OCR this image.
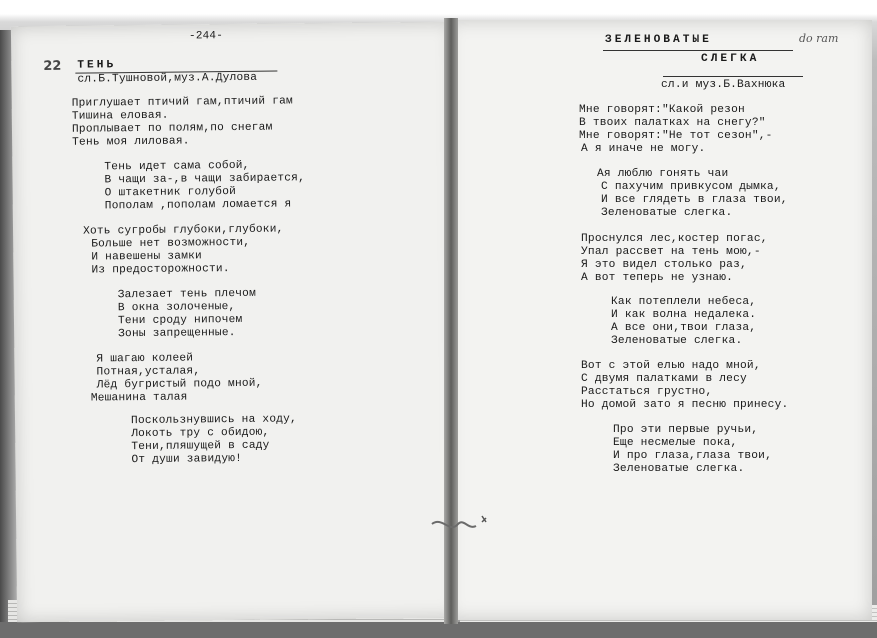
-244-
22 ТЕНЬ
сл.Б.Тушновой,муз.А.Дулова
Приглушает птичий гам,птичий гам
Тишина еловая.
Проплывает по полям,по снегам
Тень моя лиловая.
Тень идет сама собой,
В чащи за-,в чащи забирается,
О штакетник голубой
Пополам ,пополам ломается я
Хоть сугробы глубоки,глубоки,
Больше нет возможности,
И навешены замки
Из предосторожности.
Залезает тень плечом
В окна золоченые,
Тени сроду нипочем
Зоны запрещенные.
Я шагаю колеей
Потная,усталая,
Лёд бугристый подо мной,
Мешанина талая
Поскользнувшись на ходу,
Локоть тру с обидою,
Тени,пляшущей в саду
От души завидую!
ЗЕЛЕНОВАТЫЕ	do ram
СЛЕГКА
сл.и муз.Б.Вахнюка
Мне говорят:"Какой резон
В твоих палатках на снегу?"
Мне говорят:"Не тот сезон",-
А я иначе не могу.
Ая люблю гонять чаи
С пахучим привкусом дымка,
И все глядеть в глаза твои,
Зеленоватые слегка.
Проснулся лес,костер погас,
Упал рассвет на тень мою,-
Я это видел столько раз,
А вот теперь не узнаю.
Как потеплели небеса,
И как волна недалека.
А все они,твои глаза,
Зеленоватые слегка.
Вот с этой елью надо мной,
С двумя палатками в лесу
Расстаться грустно,
Но домой зато я песню принесу.
Про эти первые ручьи,
Еще несмелые пока,
И про глаза,глаза твои,
Зеленоватые слегка.
